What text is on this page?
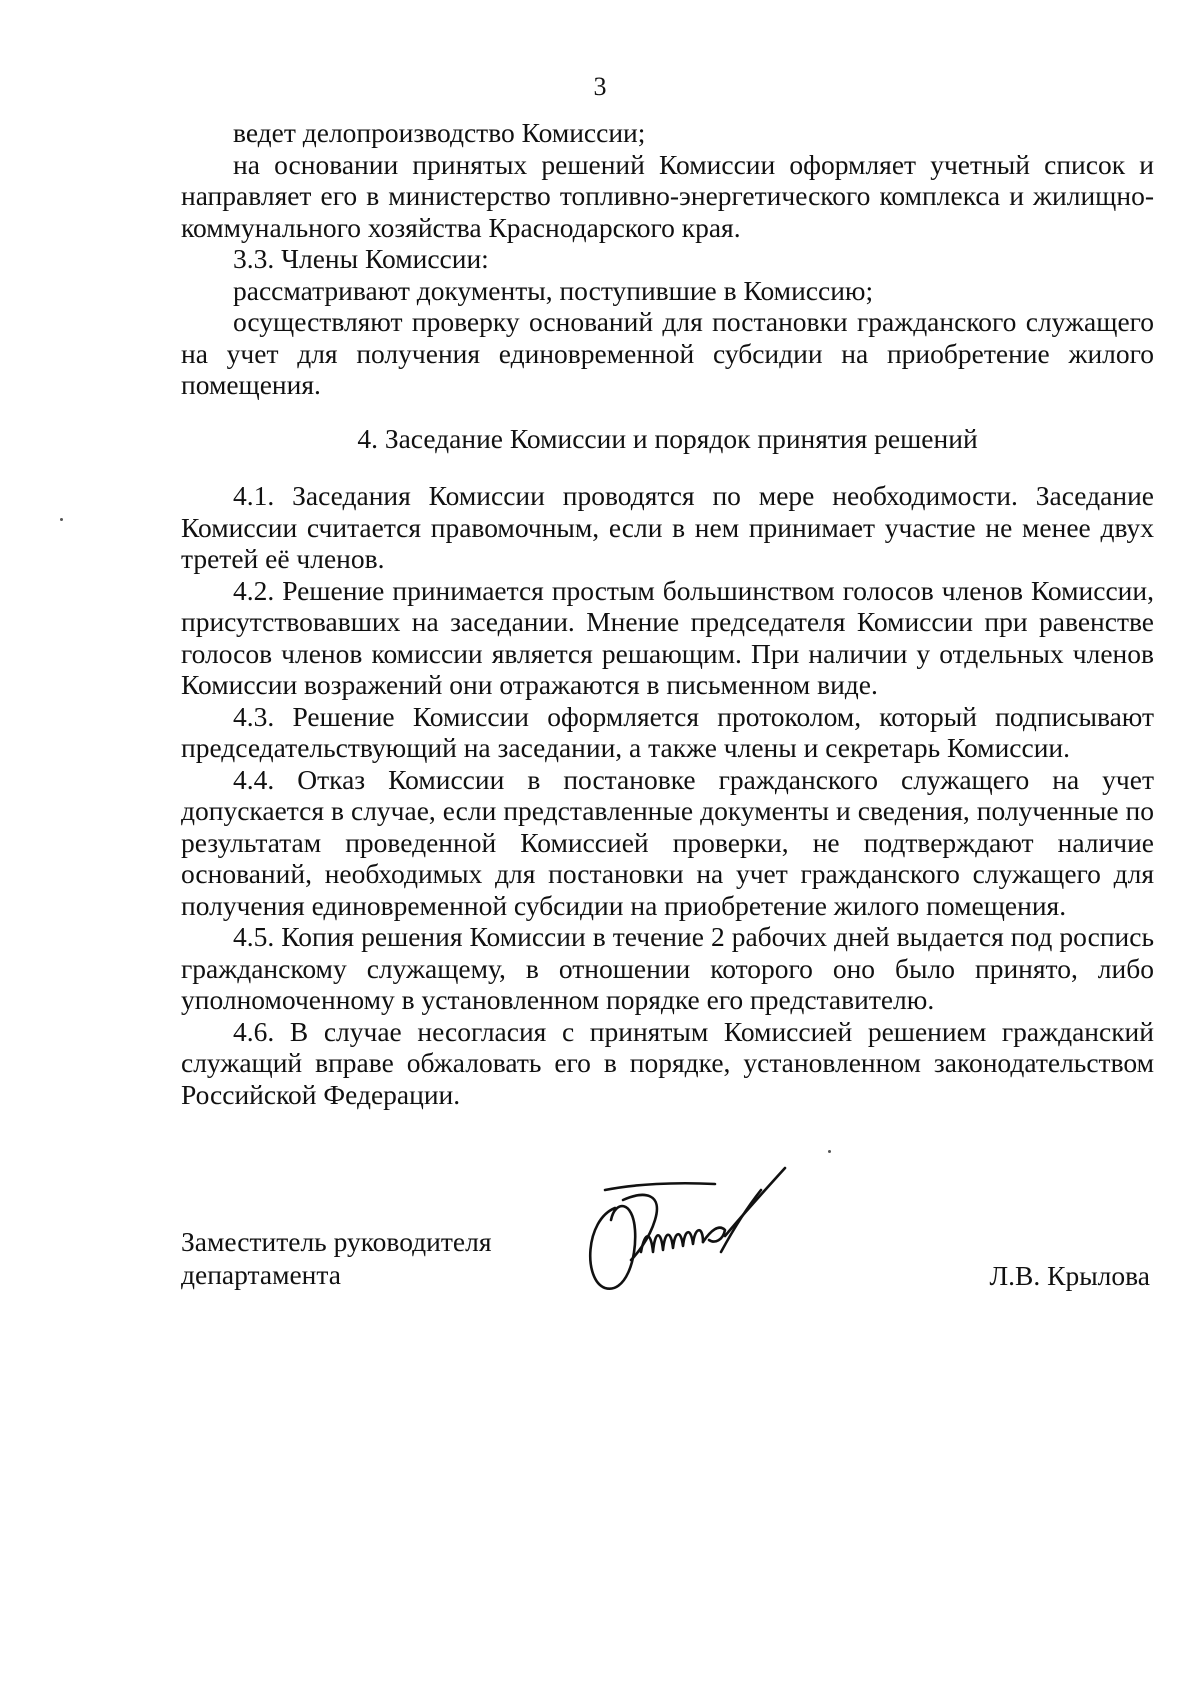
3

ведет делопроизводство Комиссии;

на основании принятых решений Комиссии оформляет учетный список и направляет его в министерство топливно-энергетического комплекса и жилищно-коммунального хозяйства Краснодарского края.

3.3. Члены Комиссии:

рассматривают документы, поступившие в Комиссию;

осуществляют проверку оснований для постановки гражданского служащего на учет для получения единовременной субсидии на приобретение жилого помещения.

4. Заседание Комиссии и порядок принятия решений

4.1. Заседания Комиссии проводятся по мере необходимости. Заседание Комиссии считается правомочным, если в нем принимает участие не менее двух третей её членов.

4.2. Решение принимается простым большинством голосов членов Комиссии, присутствовавших на заседании. Мнение председателя Комиссии при равенстве голосов членов комиссии является решающим. При наличии у отдельных членов Комиссии возражений они отражаются в письменном виде.

4.3. Решение Комиссии оформляется протоколом, который подписывают председательствующий на заседании, а также члены и секретарь Комиссии.

4.4. Отказ Комиссии в постановке гражданского служащего на учет допускается в случае, если представленные документы и сведения, полученные по результатам проведенной Комиссией проверки, не подтверждают наличие оснований, необходимых для постановки на учет гражданского служащего для получения единовременной субсидии на приобретение жилого помещения.

4.5. Копия решения Комиссии в течение 2 рабочих дней выдается под роспись гражданскому служащему, в отношении которого оно было принято, либо уполномоченному в установленном порядке его представителю.

4.6. В случае несогласия с принятым Комиссией решением гражданский служащий вправе обжаловать его в порядке, установленном законодательством Российской Федерации.

Заместитель руководителя
департамента	Л.В. Крылова
